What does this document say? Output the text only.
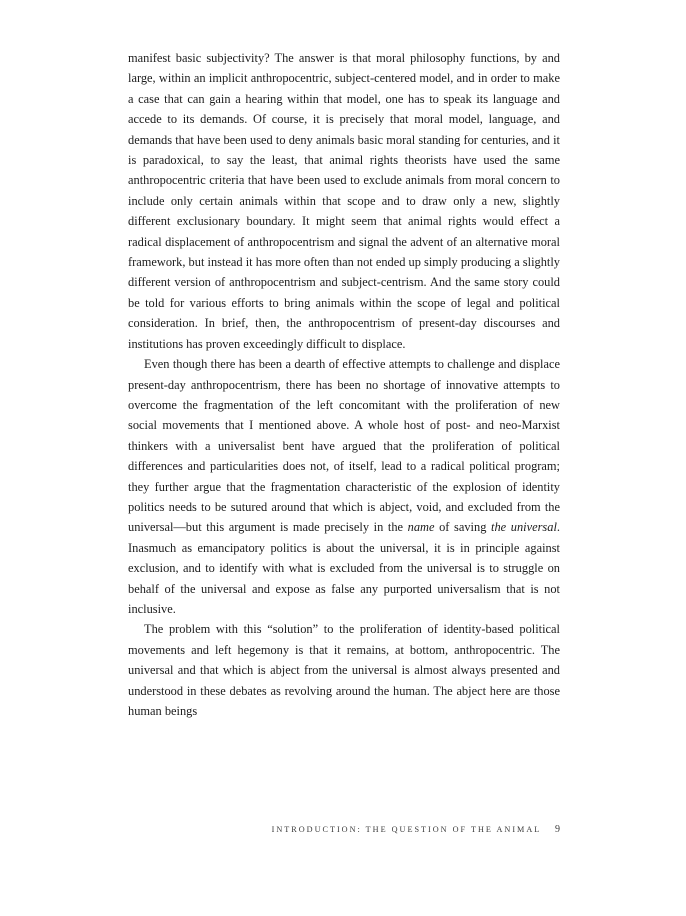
manifest basic subjectivity? The answer is that moral philosophy functions, by and large, within an implicit anthropocentric, subject-centered model, and in order to make a case that can gain a hearing within that model, one has to speak its language and accede to its demands. Of course, it is precisely that moral model, language, and demands that have been used to deny animals basic moral standing for centuries, and it is paradoxical, to say the least, that animal rights theorists have used the same anthropocentric criteria that have been used to exclude animals from moral concern to include only certain animals within that scope and to draw only a new, slightly different exclusionary boundary. It might seem that animal rights would effect a radical displacement of anthropocentrism and signal the advent of an alternative moral framework, but instead it has more often than not ended up simply producing a slightly different version of anthropocentrism and subject-centrism. And the same story could be told for various efforts to bring animals within the scope of legal and political consideration. In brief, then, the anthropocentrism of present-day discourses and institutions has proven exceedingly difficult to displace.

Even though there has been a dearth of effective attempts to challenge and displace present-day anthropocentrism, there has been no shortage of innovative attempts to overcome the fragmentation of the left concomitant with the proliferation of new social movements that I mentioned above. A whole host of post- and neo-Marxist thinkers with a universalist bent have argued that the proliferation of political differences and particularities does not, of itself, lead to a radical political program; they further argue that the fragmentation characteristic of the explosion of identity politics needs to be sutured around that which is abject, void, and excluded from the universal—but this argument is made precisely in the name of saving the universal. Inasmuch as emancipatory politics is about the universal, it is in principle against exclusion, and to identify with what is excluded from the universal is to struggle on behalf of the universal and expose as false any purported universalism that is not inclusive.

The problem with this “solution” to the proliferation of identity-based political movements and left hegemony is that it remains, at bottom, anthropocentric. The universal and that which is abject from the universal is almost always presented and understood in these debates as revolving around the human. The abject here are those human beings

INTRODUCTION: THE QUESTION OF THE ANIMAL 9
